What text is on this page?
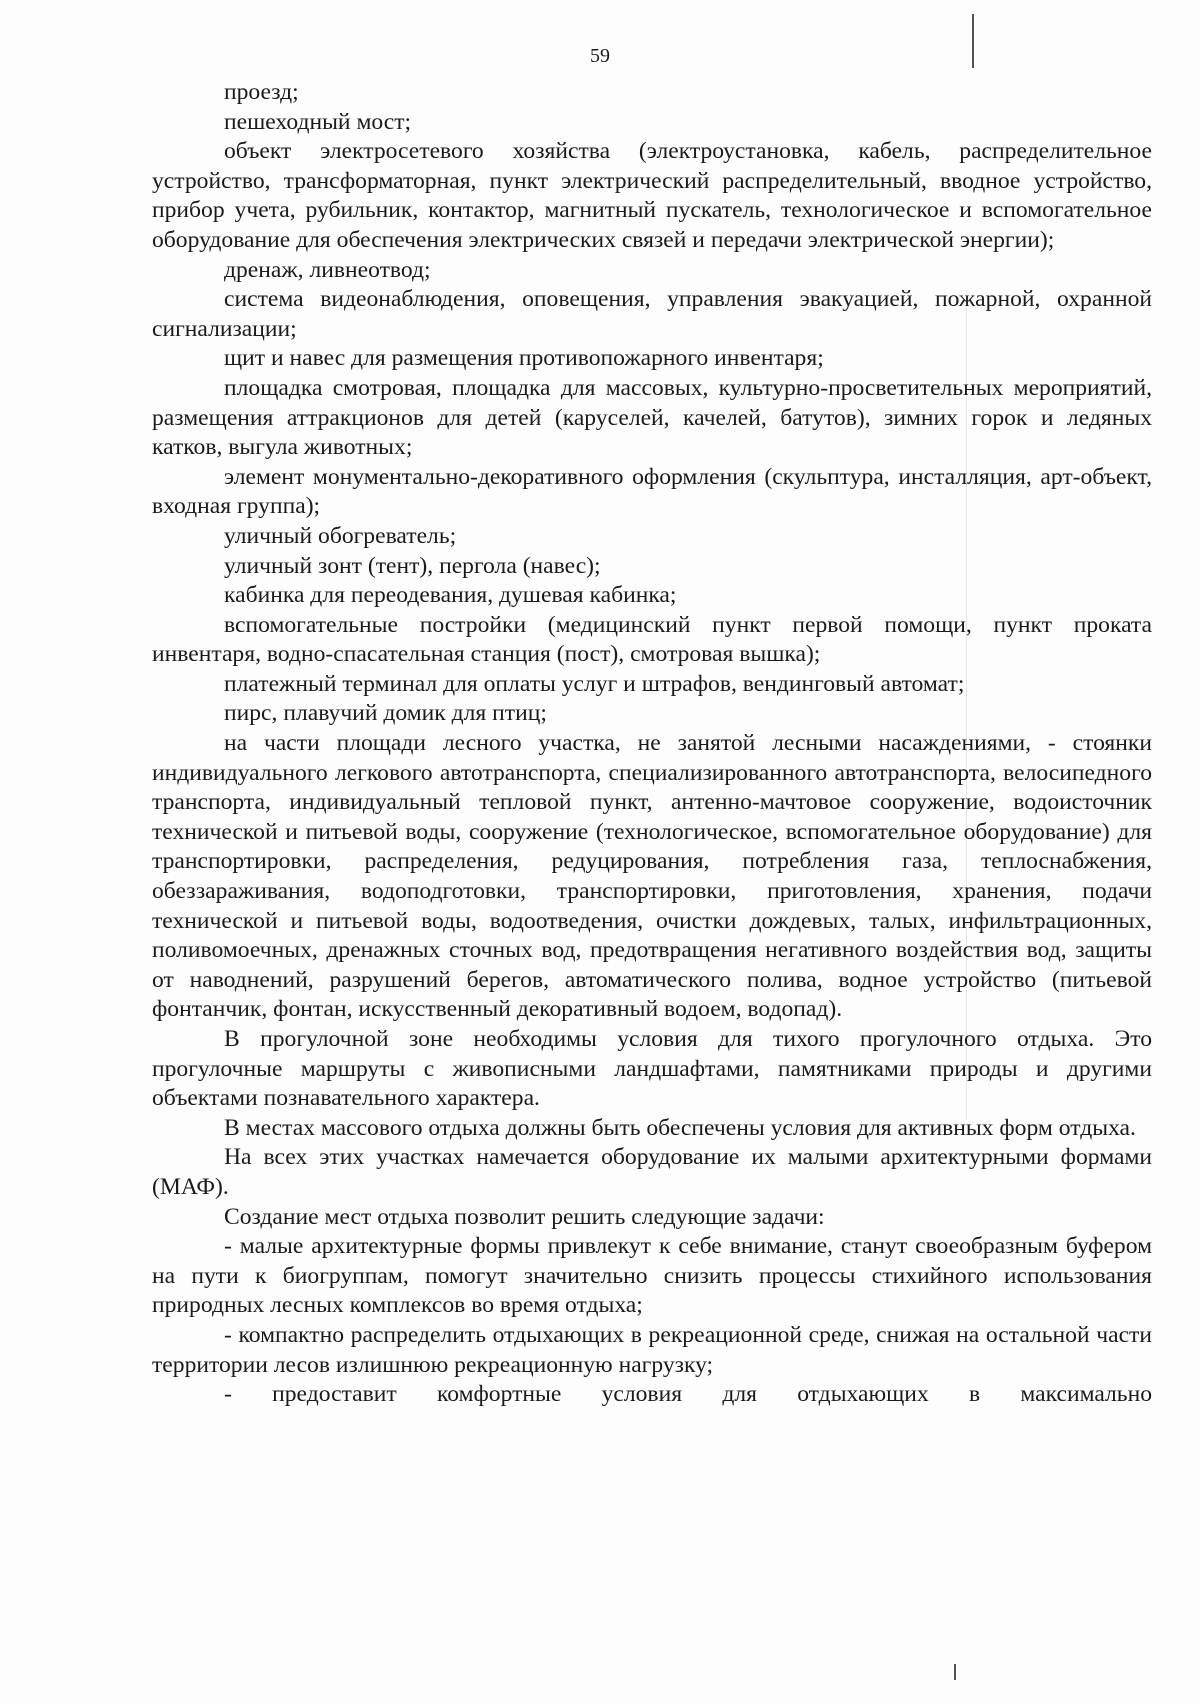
59

проезд;

пешеходный мост;

объект электросетевого хозяйства (электроустановка, кабель, распределительное устройство, трансформаторная, пункт электрический распределительный, вводное устройство, прибор учета, рубильник, контактор, магнитный пускатель, технологическое и вспомогательное оборудование для обеспечения электрических связей и передачи электрической энергии);

дренаж, ливнеотвод;

система видеонаблюдения, оповещения, управления эвакуацией, пожарной, охранной сигнализации;

щит и навес для размещения противопожарного инвентаря;

площадка смотровая, площадка для массовых, культурно-просветительных мероприятий, размещения аттракционов для детей (каруселей, качелей, батутов), зимних горок и ледяных катков, выгула животных;

элемент монументально-декоративного оформления (скульптура, инсталляция, арт-объект, входная группа);

уличный обогреватель;

уличный зонт (тент), пергола (навес);

кабинка для переодевания, душевая кабинка;

вспомогательные постройки (медицинский пункт первой помощи, пункт проката инвентаря, водно-спасательная станция (пост), смотровая вышка);

платежный терминал для оплаты услуг и штрафов, вендинговый автомат;

пирс, плавучий домик для птиц;

на части площади лесного участка, не занятой лесными насаждениями, - стоянки индивидуального легкового автотранспорта, специализированного автотранспорта, велосипедного транспорта, индивидуальный тепловой пункт, антенно-мачтовое сооружение, водоисточник технической и питьевой воды, сооружение (технологическое, вспомогательное оборудование) для транспортировки, распределения, редуцирования, потребления газа, теплоснабжения, обеззараживания, водоподготовки, транспортировки, приготовления, хранения, подачи технической и питьевой воды, водоотведения, очистки дождевых, талых, инфильтрационных, поливомоечных, дренажных сточных вод, предотвращения негативного воздействия вод, защиты от наводнений, разрушений берегов, автоматического полива, водное устройство (питьевой фонтанчик, фонтан, искусственный декоративный водоем, водопад).

В прогулочной зоне необходимы условия для тихого прогулочного отдыха. Это прогулочные маршруты с живописными ландшафтами, памятниками природы и другими объектами познавательного характера.

В местах массового отдыха должны быть обеспечены условия для активных форм отдыха.

На всех этих участках намечается оборудование их малыми архитектурными формами (МАФ).

Создание мест отдыха позволит решить следующие задачи:

- малые архитектурные формы привлекут к себе внимание, станут своеобразным буфером на пути к биогруппам, помогут значительно снизить процессы стихийного использования природных лесных комплексов во время отдыха;

- компактно распределить отдыхающих в рекреационной среде, снижая на остальной части территории лесов излишнюю рекреационную нагрузку;

- предоставит комфортные условия для отдыхающих в максимально
